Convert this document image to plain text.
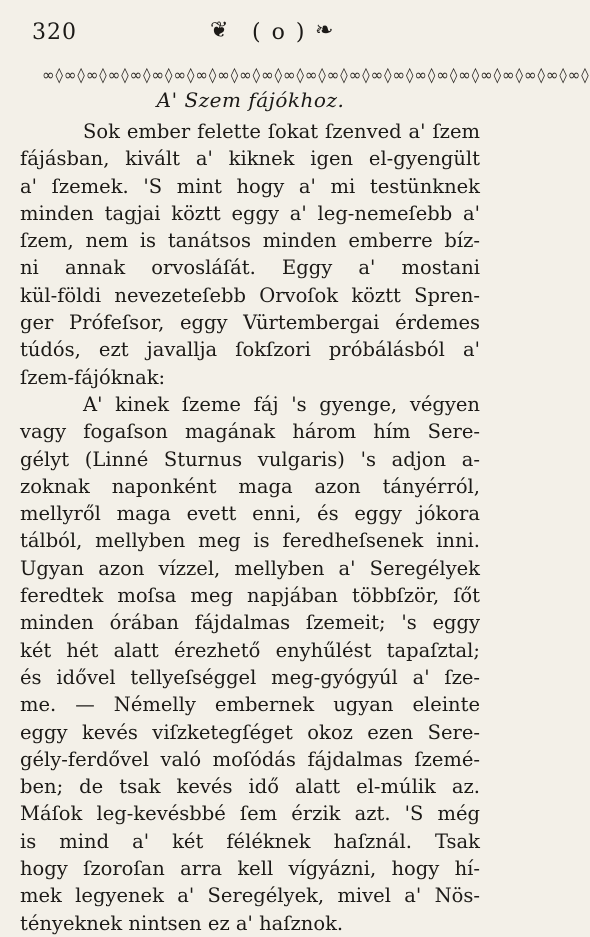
320	❦ ( o ) ❧
∞◊∞◊∞◊∞◊∞◊∞◊∞◊∞◊∞◊∞◊∞◊∞◊∞◊∞◊∞◊∞◊∞◊∞◊∞◊∞◊∞◊∞◊∞◊∞◊∞◊
A' Szem fájókhoz.
Sok ember felette ſokat ſzenved a' ſzem
fájásban, kivált a' kiknek igen el-gyengült
a' ſzemek. 'S mint hogy a' mi testünknek
minden tagjai köztt eggy a' leg-nemeſebb a'
ſzem, nem is tanátsos minden emberre bíz-
ni annak orvosláſát. Eggy a' mostani
kül-földi nevezeteſebb Orvoſok köztt Spren-
ger Prófeſsor, eggy Vürtembergai érdemes
túdós, ezt javallja ſokſzori próbálásból a'
ſzem-fájóknak:
A' kinek ſzeme fáj 's gyenge, végyen
vagy fogaſson magának három hím Sere-
gélyt (Linné Sturnus vulgaris) 's adjon a-
zoknak naponként maga azon tányérról,
mellyről maga evett enni, és eggy jókora
tálból, mellyben meg is feredheſsenek inni.
Ugyan azon vízzel, mellyben a' Seregélyek
feredtek moſsa meg napjában többſzör, ſőt
minden órában fájdalmas ſzemeit; 's eggy
két hét alatt érezhető enyhűlést tapaſztal;
és idővel tellyeſséggel meg-gyógyúl a' ſze-
me. — Némelly embernek ugyan eleinte
eggy kevés viſzketegſéget okoz ezen Sere-
gély-ferdővel való moſódás fájdalmas ſzemé-
ben; de tsak kevés idő alatt el-múlik az.
Máſok leg-kevésbbé ſem érzik azt. 'S még
is mind a' két féléknek haſznál. Tsak
hogy ſzoroſan arra kell vígyázni, hogy hí-
mek legyenek a' Seregélyek, mivel a' Nös-
tényeknek nintsen ez a' haſznok.
